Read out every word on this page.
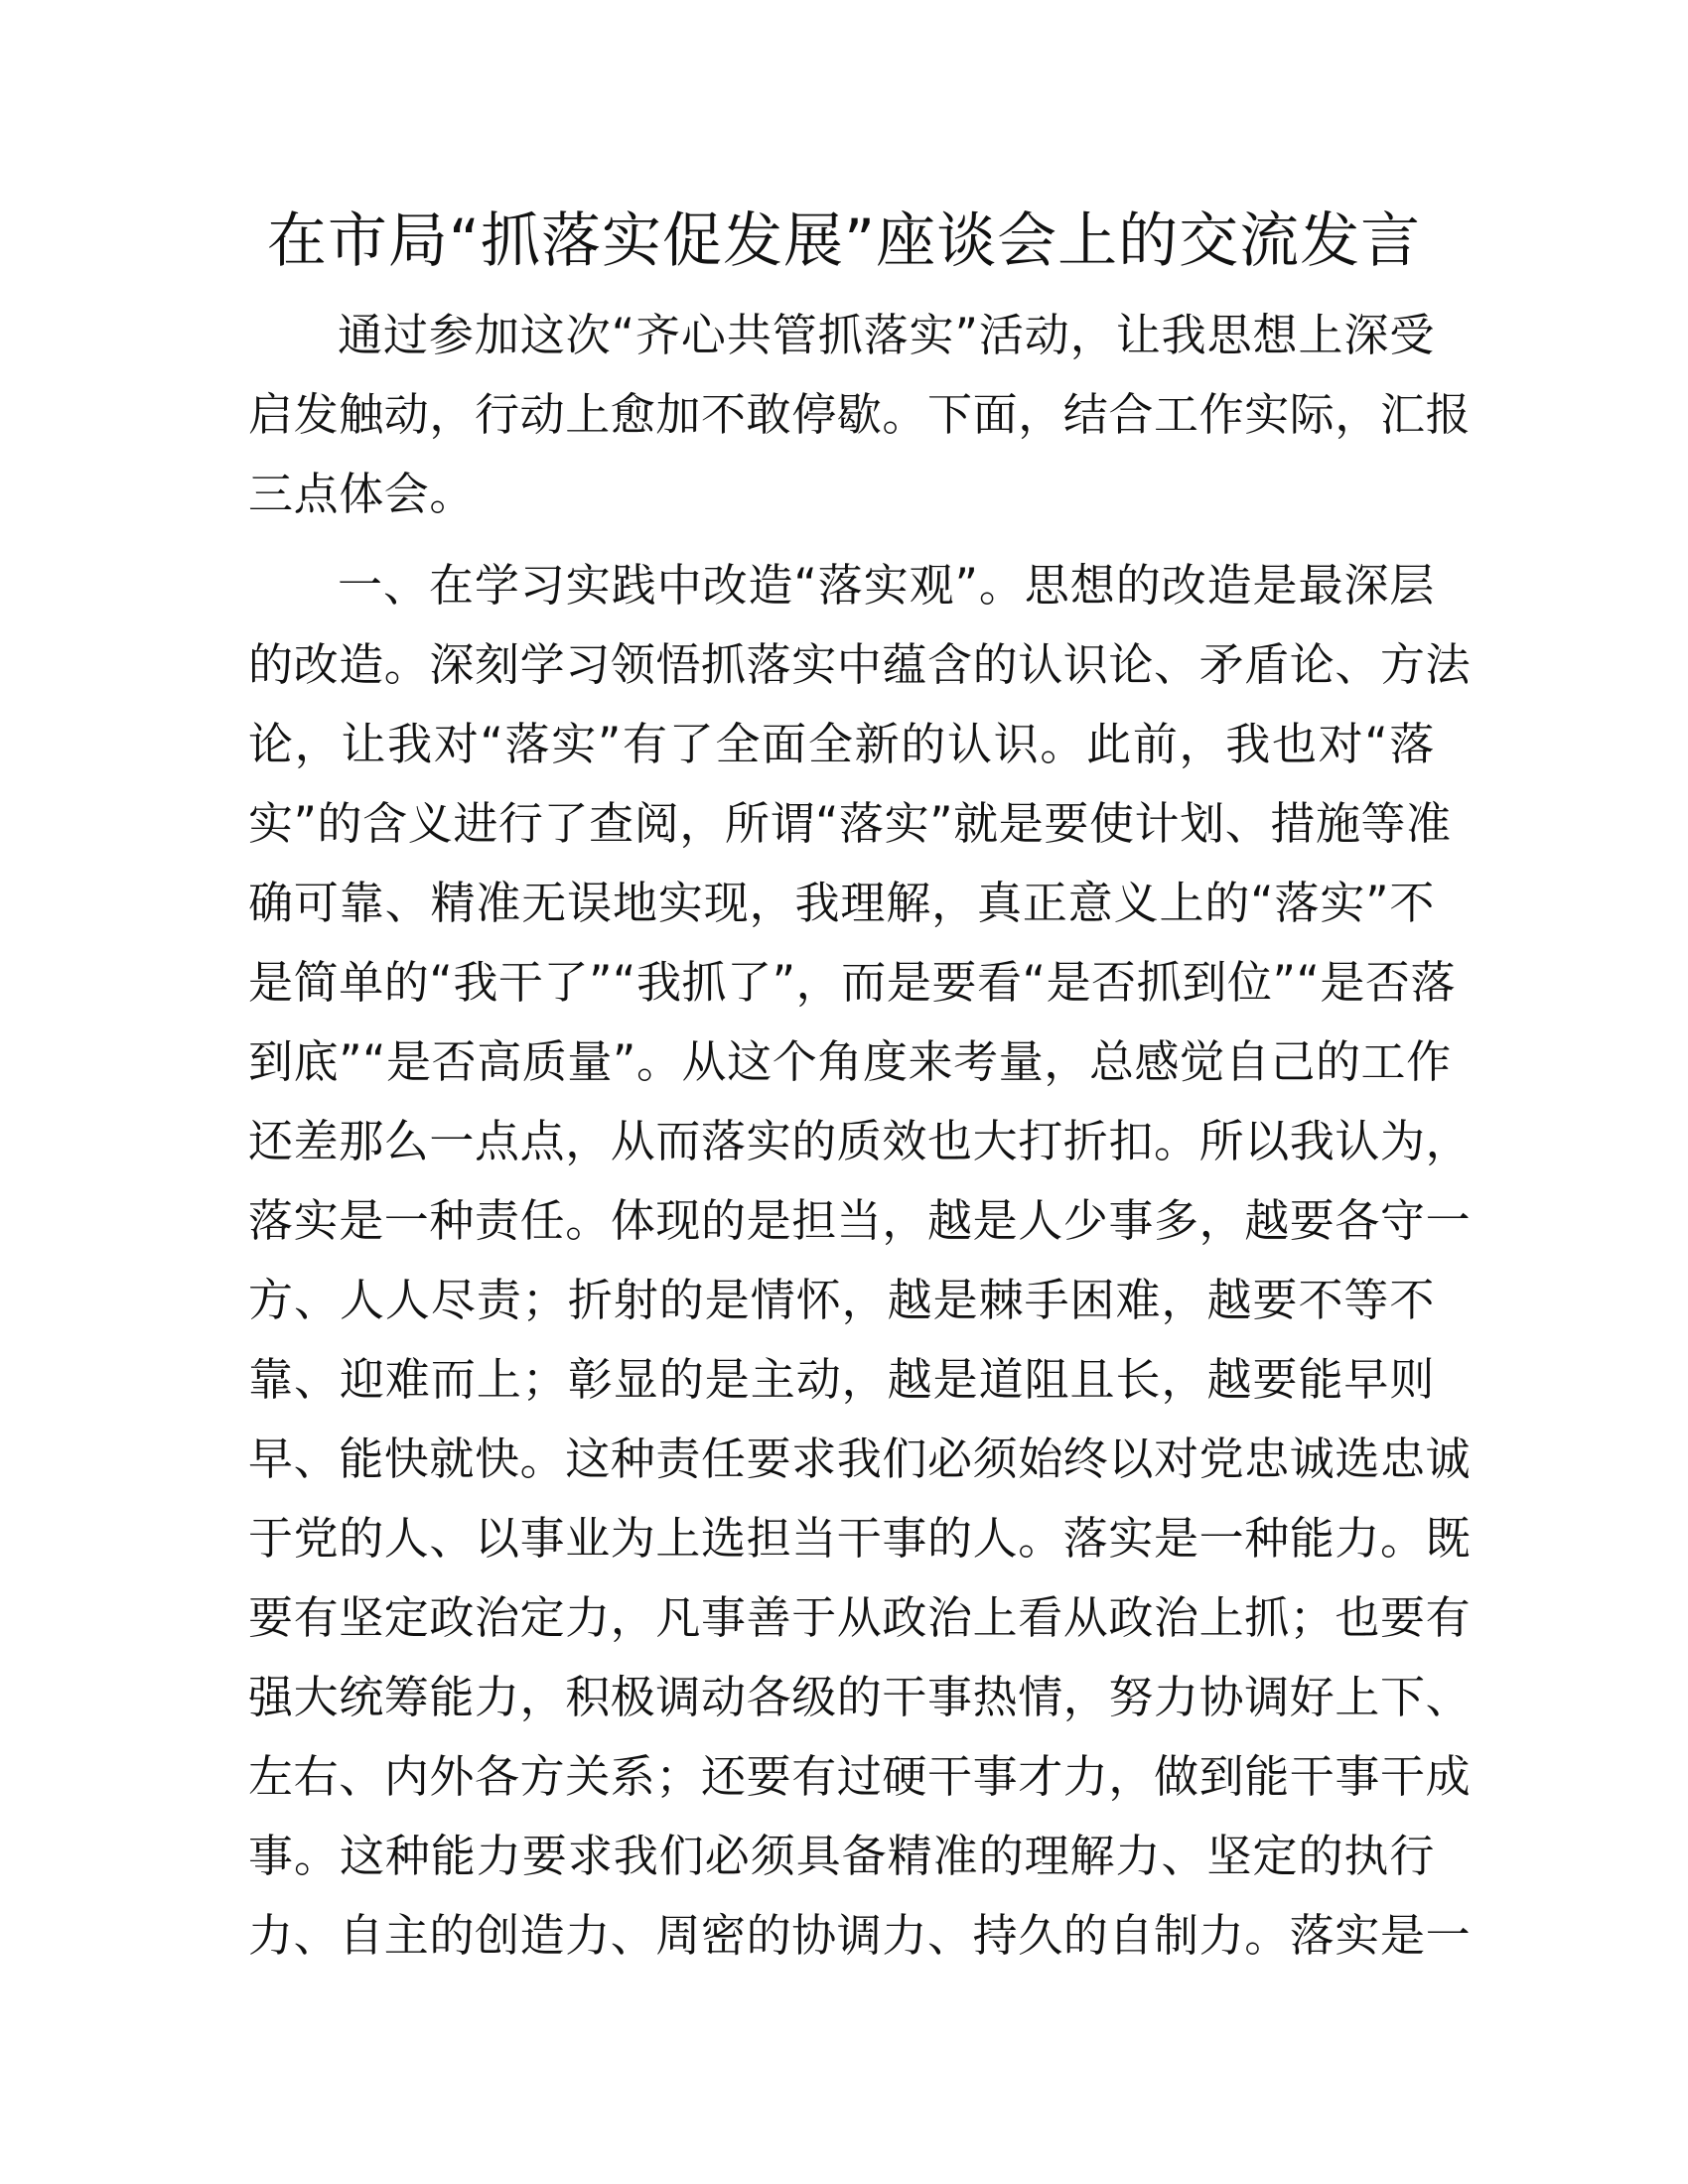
在市局“抓落实促发展”座谈会上的交流发言
通过参加这次“齐心共管抓落实”活动，让我思想上深受
启发触动，行动上愈加不敢停歇。下面，结合工作实际，汇报
三点体会。
一、在学习实践中改造“落实观”。思想的改造是最深层
的改造。深刻学习领悟抓落实中蕴含的认识论、矛盾论、方法
论，让我对“落实”有了全面全新的认识。此前，我也对“落
实”的含义进行了查阅，所谓“落实”就是要使计划、措施等准
确可靠、精准无误地实现，我理解，真正意义上的“落实”不
是简单的“我干了”“我抓了”，而是要看“是否抓到位”“是否落
到底”“是否高质量”。从这个角度来考量，总感觉自己的工作
还差那么一点点，从而落实的质效也大打折扣。所以我认为，
落实是一种责任。体现的是担当，越是人少事多，越要各守一
方、人人尽责；折射的是情怀，越是棘手困难，越要不等不
靠、迎难而上；彰显的是主动，越是道阻且长，越要能早则
早、能快就快。这种责任要求我们必须始终以对党忠诚选忠诚
于党的人、以事业为上选担当干事的人。落实是一种能力。既
要有坚定政治定力，凡事善于从政治上看从政治上抓；也要有
强大统筹能力，积极调动各级的干事热情，努力协调好上下、
左右、内外各方关系；还要有过硬干事才力，做到能干事干成
事。这种能力要求我们必须具备精准的理解力、坚定的执行
力、自主的创造力、周密的协调力、持久的自制力。落实是一
